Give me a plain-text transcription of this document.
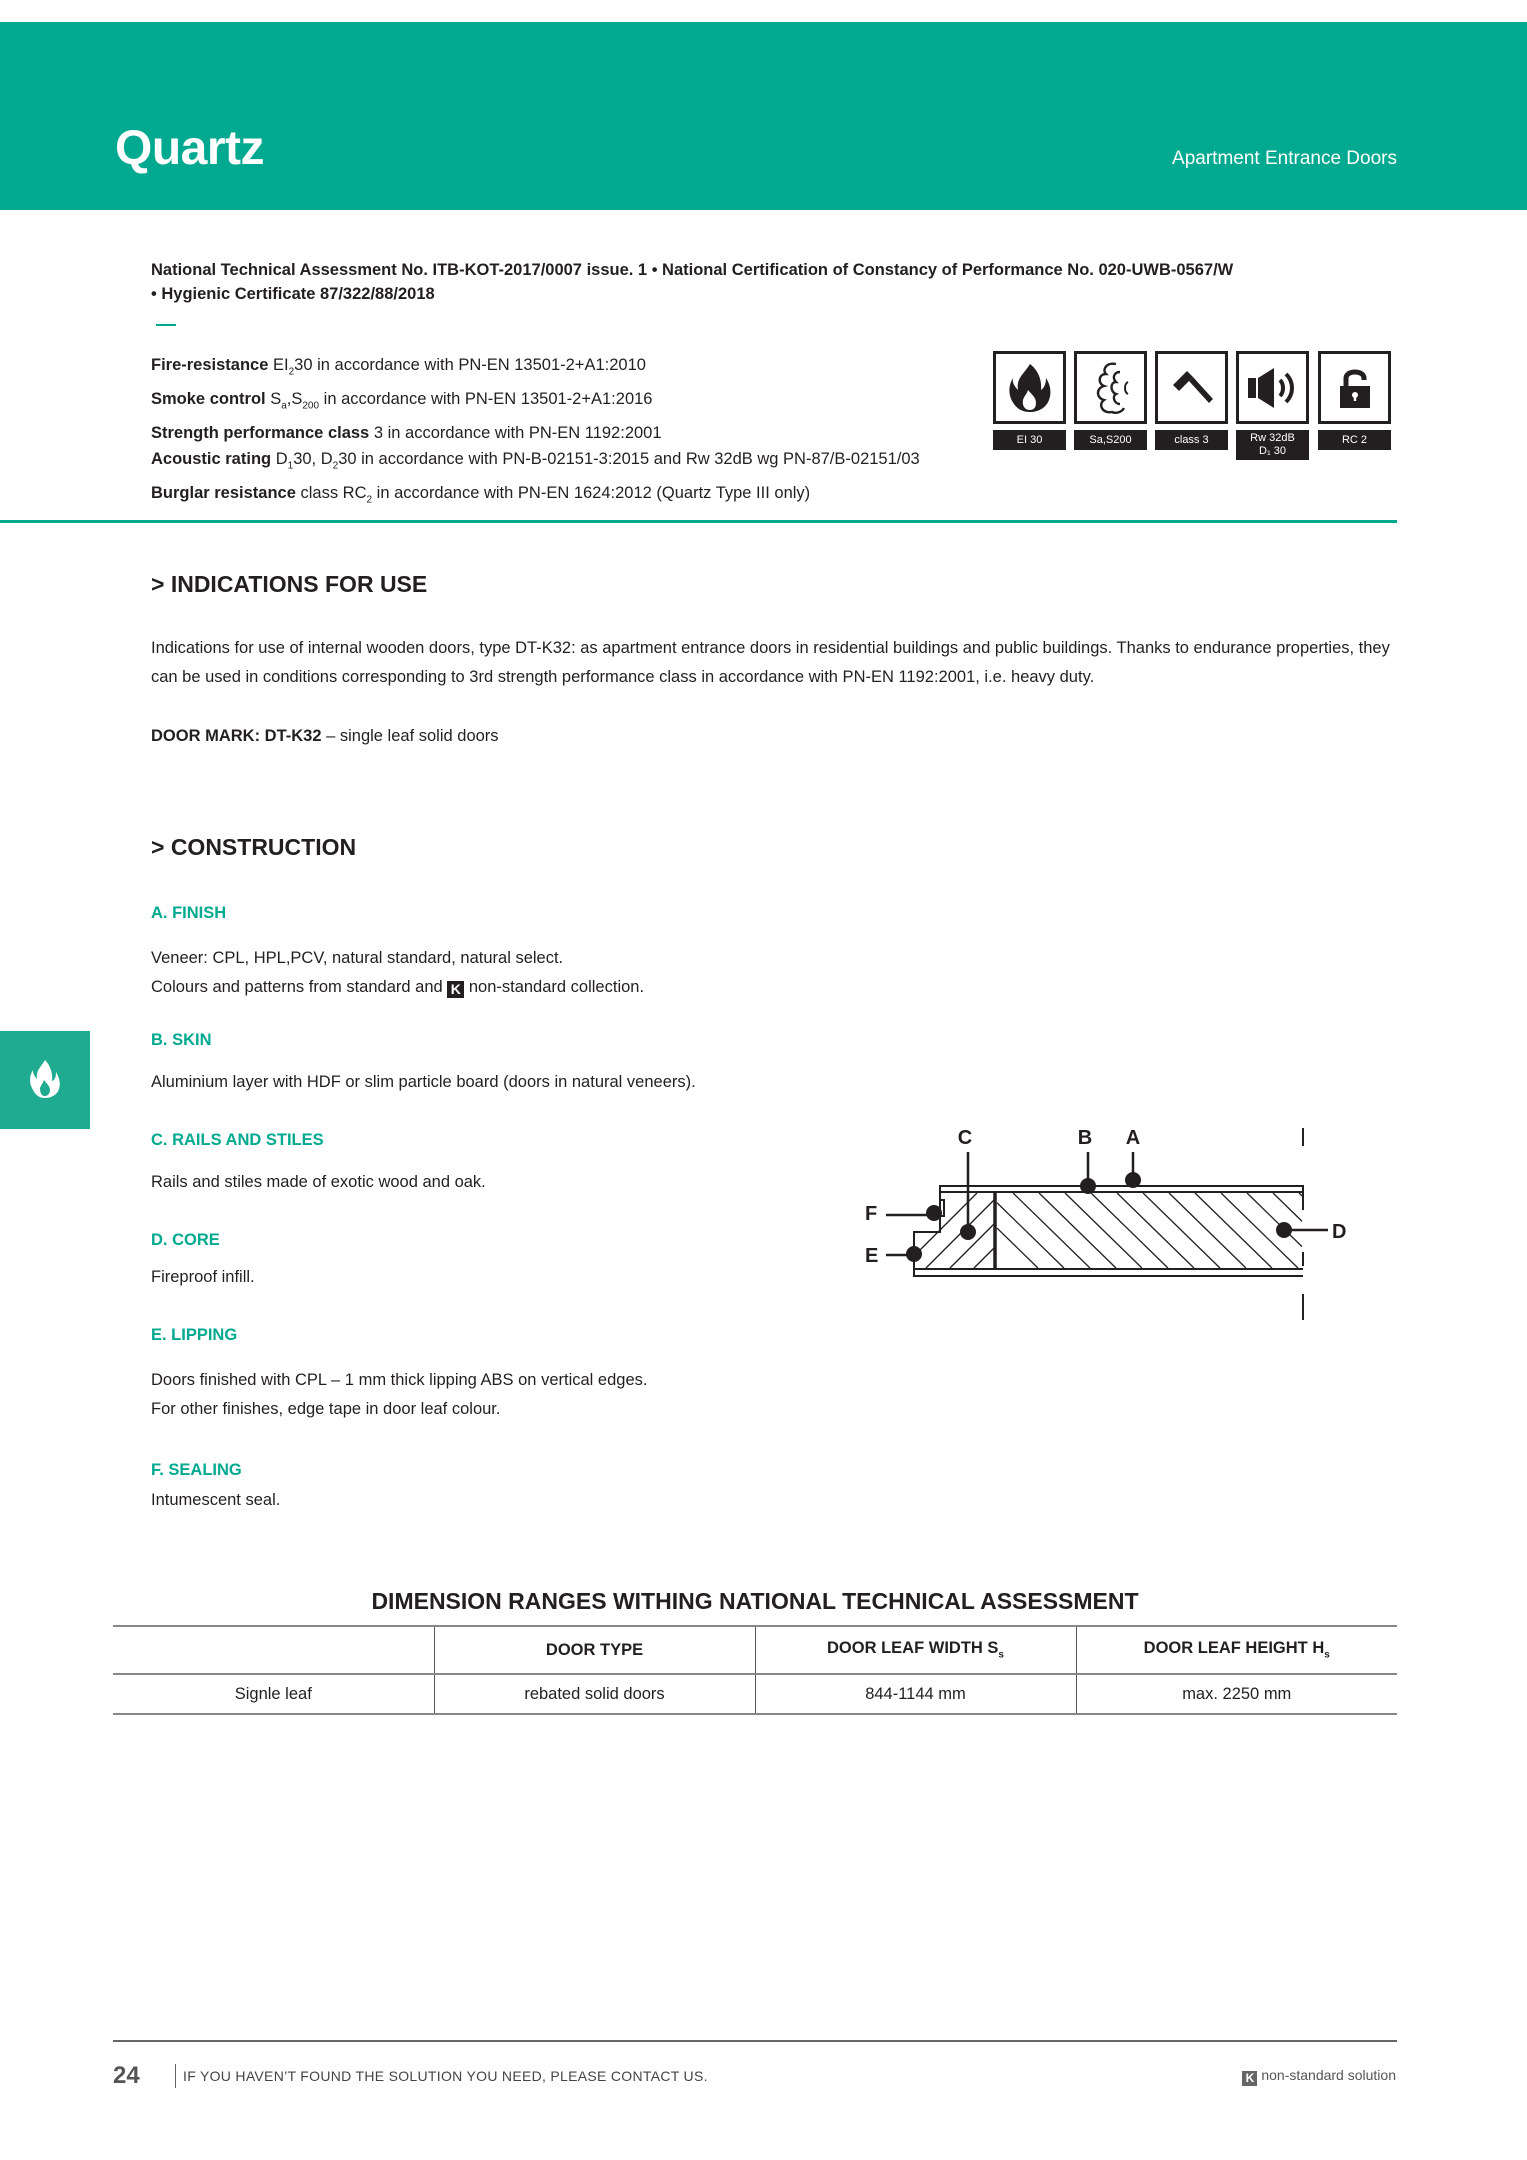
Quartz	Apartment Entrance Doors
National Technical Assessment No. ITB-KOT-2017/0007 issue. 1 • National Certification of Constancy of Performance No. 020-UWB-0567/W
• Hygienic Certificate 87/322/88/2018
Fire-resistance $EI_230$ in accordance with PN-EN 13501-2+A1:2010
Smoke control $S_a,S_{200}$ in accordance with PN-EN 13501-2+A1:2016
Strength performance class 3 in accordance with PN-EN 1192:2001
Acoustic rating $D_130$, $D_230$ in accordance with PN-B-02151-3:2015 and Rw 32dB wg PN-87/B-02151/03
Burglar resistance class $RC_2$ in accordance with PN-EN 1624:2012 (Quartz Type III only)
EI 30	Sa,S200	class 3	Rw 32dB
D₁ 30
RC 2
> INDICATIONS FOR USE
Indications for use of internal wooden doors, type DT-K32: as apartment entrance doors in residential buildings and public buildings. Thanks to endurance properties, they can be used in conditions corresponding to 3rd strength performance class in accordance with PN-EN 1192:2001, i.e. heavy duty.
DOOR MARK: DT-K32 – single leaf solid doors
> CONSTRUCTION
A. FINISH
Veneer: CPL, HPL,PCV, natural standard, natural select.
Colours and patterns from standard and K non-standard collection.
B. SKIN
Aluminium layer with HDF or slim particle board (doors in natural veneers).
C. RAILS AND STILES
Rails and stiles made of exotic wood and oak.
D. CORE
Fireproof infill.
E. LIPPING
Doors finished with CPL – 1 mm thick lipping ABS on vertical edges.
For other finishes, edge tape in door leaf colour.
F. SEALING
Intumescent seal.
A
B
C
D
E
F
DIMENSION RANGES WITHING NATIONAL TECHNICAL ASSESSMENT
	DOOR TYPE	DOOR LEAF WIDTH $S_s$	DOOR LEAF HEIGHT $H_s$
Signle leaf	rebated solid doors	844-1144 mm	max. 2250 mm
24	IF YOU HAVEN’T FOUND THE SOLUTION YOU NEED, PLEASE CONTACT US.	K non-standard solution
